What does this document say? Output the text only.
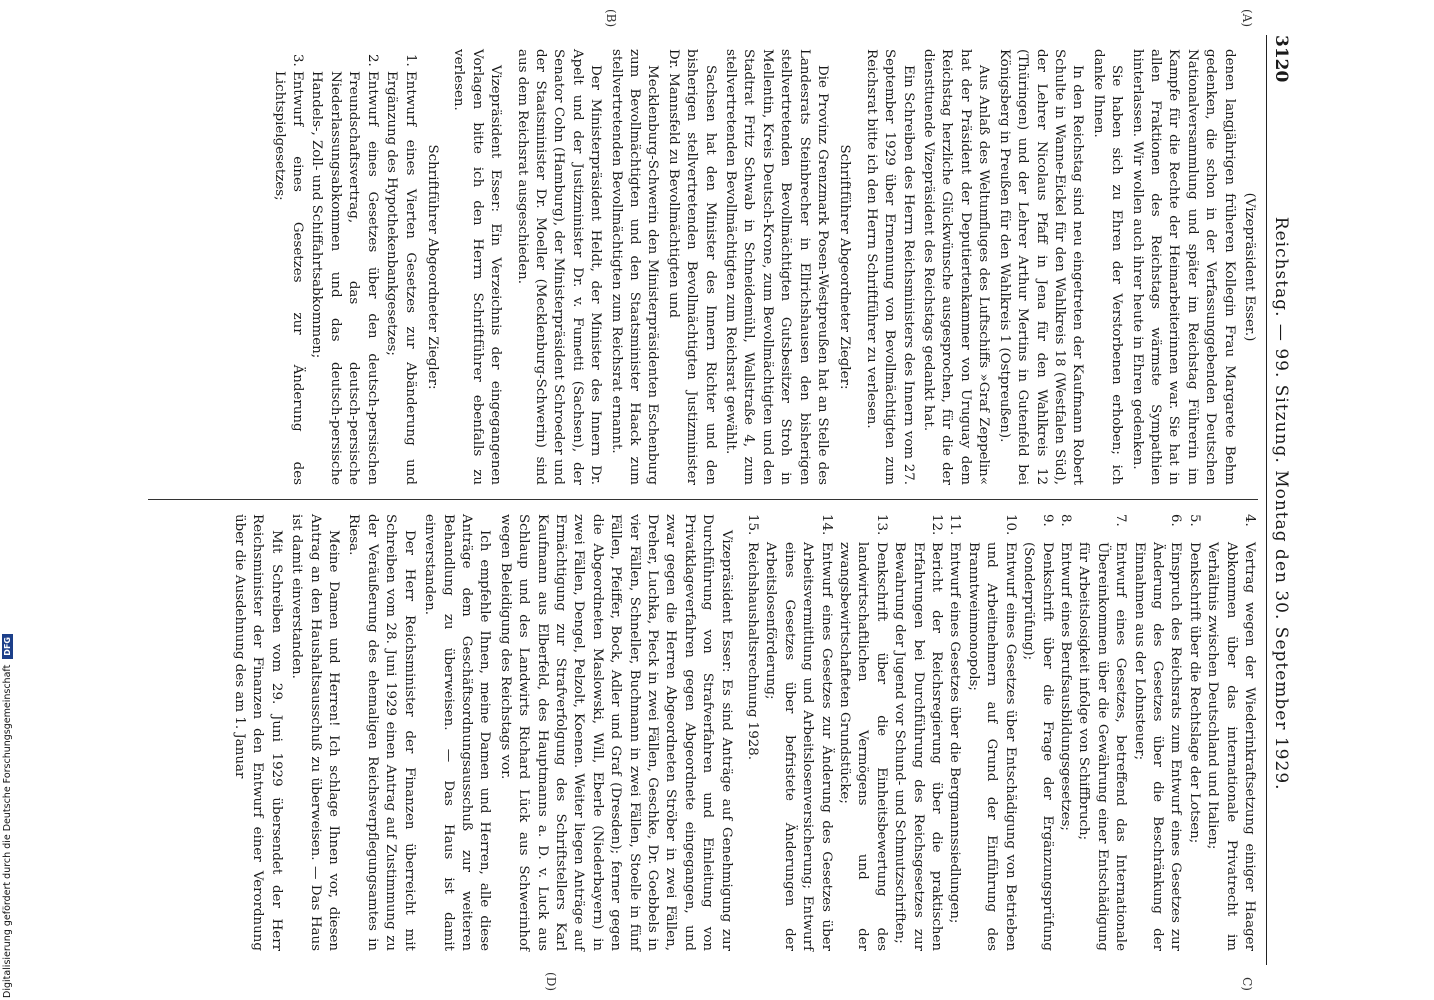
3120
Reichstag. — 99. Sitzung. Montag den 30. September 1929.
(A)
(B)
C)
(D)

(Vizepräsident Esser.)

denen langjährigen früheren Kollegin Frau Margarete Behm gedenken, die schon in der Verfassunggebenden Deutschen Nationalversammlung und später im Reichstag Führerin im Kampfe für die Rechte der Heimarbeiterinnen war. Sie hat in allen Fraktionen des Reichstags wärmste Sympathien hinterlassen. Wir wollen auch ihrer heute in Ehren gedenken.

Sie haben sich zu Ehren der Verstorbenen erhoben; ich danke Ihnen.

In den Reichstag sind neu eingetreten der Kaufmann Robert Schulte in Wanne-Eickel für den Wahlkreis 18 (Westfalen Süd), der Lehrer Nicolaus Pfaff in Jena für den Wahlkreis 12 (Thüringen) und der Lehrer Arthur Mertins in Gutenfeld bei Königsberg in Preußen für den Wahlkreis 1 (Ostpreußen).

Aus Anlaß des Weltumfluges des Luftschiffs »Graf Zeppelin« hat der Präsident der Deputiertenkammer von Uruguay dem Reichstag herzliche Glückwünsche ausgesprochen, für die der diensttuende Vizepräsident des Reichstags gedankt hat.

Ein Schreiben des Herrn Reichsministers des Innern vom 27. September 1929 über Ernennung von Bevollmächtigten zum Reichsrat bitte ich den Herrn Schriftführer zu verlesen.

Schriftführer Abgeordneter Ziegler:

Die Provinz Grenzmark Posen-Westpreußen hat an Stelle des Landesrats Steinbrecher in Ellrichshausen den bisherigen stellvertretenden Bevollmächtigten Gutsbesitzer Stroh in Mellentin, Kreis Deutsch-Krone, zum Bevollmächtigten und den Stadtrat Fritz Schwab in Schneidemühl, Wallstraße 4, zum stellvertretenden Bevollmächtigten zum Reichsrat gewählt.

Sachsen hat den Minister des Innern Richter und den bisherigen stellvertretenden Bevollmächtigten Justizminister Dr. Mannsfeld zu Bevollmächtigten und

Mecklenburg-Schwerin den Ministerpräsidenten Eschenburg zum Bevollmächtigten und den Staatsminister Haack zum stellvertretenden Bevollmächtigten zum Reichsrat ernannt.

Der Ministerpräsident Heldt, der Minister des Innern Dr. Apelt und der Justizminister Dr. v. Fumetti (Sachsen), der Senator Cohn (Hamburg), der Ministerpräsident Schroeder und der Staatsminister Dr. Moeller (Mecklenburg-Schwerin) sind aus dem Reichsrat ausgeschieden.

Vizepräsident Esser: Ein Verzeichnis der eingegangenen Vorlagen bitte ich den Herrn Schriftführer ebenfalls zu verlesen.

Schriftführer Abgeordneter Ziegler:

1. Entwurf eines Vierten Gesetzes zur Abänderung und Ergänzung des Hypothekenbankgesetzes;
2. Entwurf eines Gesetzes über den deutsch-persischen Freundschaftsvertrag, das deutsch-persische Niederlassungsabkommen und das deutsch-persische Handels-, Zoll- und Schiffahrtsabkommen;
3. Entwurf eines Gesetzes zur Änderung des Lichtspielgesetzes;
4.
Vertrag wegen der Wiederinkraftsetzung einiger Haager Abkommen über das internationale Privatrecht im Verhältnis zwischen Deutschland und Italien;
5.
Denkschrift über die Rechtslage der Lotsen;
6.
Einspruch des Reichsrats zum Entwurf eines Gesetzes zur Änderung des Gesetzes über die Beschränkung der Einnahmen aus der Lohnsteuer;
7.
Entwurf eines Gesetzes, betreffend das Internationale Übereinkommen über die Gewährung einer Entschädigung für Arbeitslosigkeit infolge von Schiffbruch;
8.
Entwurf eines Berufsausbildungsgesetzes;
9.
Denkschrift über die Frage der Ergänzungsprüfung (Sonderprüfung);
10.
Entwurf eines Gesetzes über Entschädigung von Betrieben und Arbeitnehmern auf Grund der Einführung des Branntweinmonopols;
11.
Entwurf eines Gesetzes über die Bergmannssiedlungen;
12.
Bericht der Reichsregierung über die praktischen Erfahrungen bei Durchführung des Reichsgesetzes zur Bewahrung der Jugend vor Schund- und Schmutzschriften;
13.
Denkschrift über die Einheitsbewertung des landwirtschaftlichen Vermögens und der zwangsbewirtschafteten Grundstücke;
14.
Entwurf eines Gesetzes zur Änderung des Gesetzes über Arbeitsvermittlung und Arbeitslosenversicherung; Entwurf eines Gesetzes über befristete Änderungen der Arbeitslosenförderung;
15.
Reichshaushaltsrechnung 1928.

Vizepräsident Esser: Es sind Anträge auf Genehmigung zur Durchführung von Strafverfahren und Einleitung von Privatklageverfahren gegen Abgeordnete eingegangen, und zwar gegen die Herren Abgeordneten Ströber in zwei Fällen, Dreher, Luchka, Pieck in zwei Fällen, Geschke, Dr. Goebbels in vier Fällen, Schneller, Buchmann in zwei Fällen, Stoelle in fünf Fällen, Pfeiffer, Bock, Adler und Graf (Dresden); ferner gegen die Abgeordneten Maslowski, Will, Eberle (Niederbayern) in zwei Fällen, Dengel, Pelzolt, Koenen. Weiter liegen Anträge auf Ermächtigung zur Strafverfolgung des Schriftstellers Karl Kaufmann aus Elberfeld, des Hauptmanns a. D. v. Luck aus Schlaup und des Landwirts Richard Lück aus Schwerinhof wegen Beleidigung des Reichstags vor.

Ich empfehle Ihnen, meine Damen und Herren, alle diese Anträge dem Geschäftsordnungsausschuß zur weiteren Behandlung zu überweisen. — Das Haus ist damit einverstanden.

Der Herr Reichsminister der Finanzen überreicht mit Schreiben vom 28. Juni 1929 einen Antrag auf Zustimmung zu der Veräußerung des ehemaligen Reichsverpflegungsamtes in Riesa.

Meine Damen und Herren! Ich schlage Ihnen vor, diesen Antrag an den Haushaltsausschuß zu überweisen. — Das Haus ist damit einverstanden.

Mit Schreiben vom 29. Juni 1929 übersendet der Herr Reichsminister der Finanzen den Entwurf einer Verordnung über die Ausdehnung des am 1. Januar

Digitalisierung gefördert durch die Deutsche Forschungsgemeinschaft
DFG
